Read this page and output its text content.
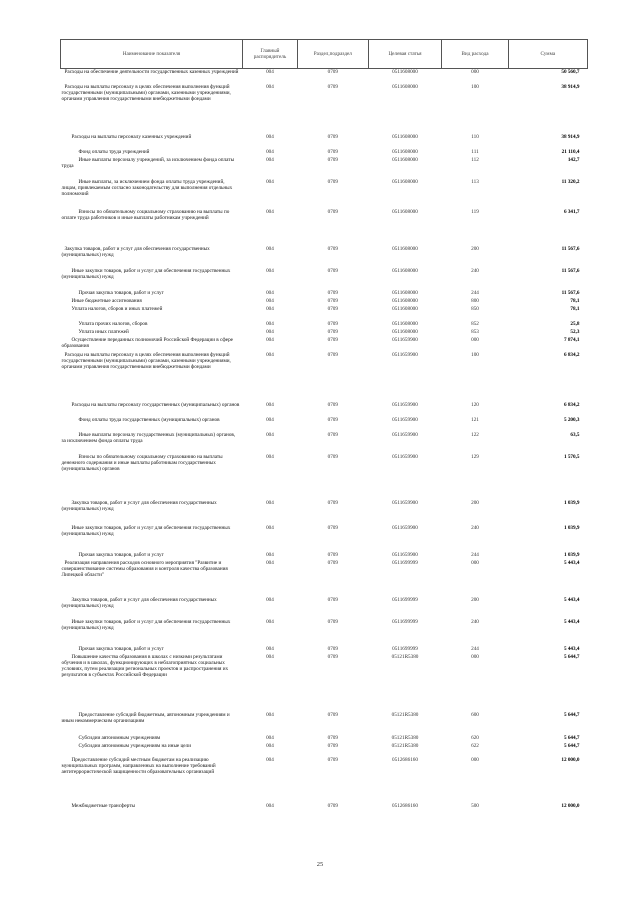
Наименование показателя	Главный распорядитель	Раздел,подраздел	Целевая статья	Вид расхода	Сумма
Расходы на обеспечение деятельности государственных казенных учреждений	004	0709	0511608000	000	50 560,7
Расходы на выплаты персоналу в целях обеспечения выполнения функций государственными (муниципальными) органами, казенными учреждениями, органами управления государственными внебюджетными фондами	004	0709	0511608000	100	38 914,9
Расходы на выплаты персоналу казенных учреждений	004	0709	0511608000	110	38 914,9
Фонд оплаты труда учреждений	004	0709	0511608000	111	21 110,4
Иные выплаты персоналу учреждений, за исключением фонда оплаты труда	004	0709	0511608000	112	142,7
Иные выплаты, за исключением фонда оплаты труда учреждений, лицам, привлекаемым согласно законодательству для выполнения отдельных полномочий	004	0709	0511608000	113	11 320,2
Взносы по обязательному социальному страхованию на выплаты по оплате труда работников и иные выплаты работникам учреждений	004	0709	0511608000	119	6 341,7
Закупка товаров, работ и услуг для обеспечения государственных (муниципальных) нужд	004	0709	0511608000	200	11 567,6
Иные закупки товаров, работ и услуг для обеспечения государственных (муниципальных) нужд	004	0709	0511608000	240	11 567,6
Прочая закупка товаров, работ и услуг	004	0709	0511608000	244	11 567,6
Иные бюджетные ассигнования	004	0709	0511608000	800	78,1
Уплата налогов, сборов и иных платежей	004	0709	0511608000	850	78,1
Уплата прочих налогов, сборов	004	0709	0511608000	852	25,8
Уплата иных платежей	004	0709	0511608000	853	52,3
Осуществление переданных полномочий Российской Федерации в сфере образования	004	0709	0511659900	000	7 874,1
Расходы на выплаты персоналу в целях обеспечения выполнения функций государственными (муниципальными) органами, казенными учреждениями, органами управления государственными внебюджетными фондами	004	0709	0511659900	100	6 834,2
Расходы на выплаты персоналу государственных (муниципальных) органов	004	0709	0511659900	120	6 834,2
Фонд оплаты труда государственных (муниципальных) органов	004	0709	0511659900	121	5 200,3
Иные выплаты персоналу государственных (муниципальных) органов, за исключением фонда оплаты труда	004	0709	0511659900	122	63,5
Взносы по обязательному социальному страхованию на выплаты денежного содержания и иные выплаты работникам государственных (муниципальных) органов	004	0709	0511659900	129	1 570,5
Закупка товаров, работ и услуг для обеспечения государственных (муниципальных) нужд	004	0709	0511659900	200	1 039,9
Иные закупки товаров, работ и услуг для обеспечения государственных (муниципальных) нужд	004	0709	0511659900	240	1 039,9
Прочая закупка товаров, работ и услуг	004	0709	0511659900	244	1 039,9
Реализация направления расходов основного мероприятия "Развитие и совершенствование системы образования и контроля качества образования Липецкой области"	004	0709	0511699999	000	5 443,4
Закупка товаров, работ и услуг для обеспечения государственных (муниципальных) нужд	004	0709	0511699999	200	5 443,4
Иные закупки товаров, работ и услуг для обеспечения государственных (муниципальных) нужд	004	0709	0511699999	240	5 443,4
Прочая закупка товаров, работ и услуг	004	0709	0511699999	244	5 443,4
Повышение качества образования в школах с низкими результатами обучения и в школах, функционирующих в неблагоприятных социальных условиях, путем реализации региональных проектов и распространения их результатов в субъектах Российской Федерации	004	0709	05121R5380	000	5 644,7
Предоставление субсидий бюджетным, автономным учреждениям и иным некоммерческим организациям	004	0709	05121R5380	600	5 644,7
Субсидии автономным учреждениям	004	0709	05121R5380	620	5 644,7
Субсидии автономным учреждениям на иные цели	004	0709	05121R5380	622	5 644,7
Предоставление субсидий местным бюджетам на реализацию муниципальных программ, направленных на выполнение требований антитеррористической защищенности образовательных организаций	004	0709	0512686160	000	12 000,0
Межбюджетные трансферты	004	0709	0512686160	500	12 000,0
25
